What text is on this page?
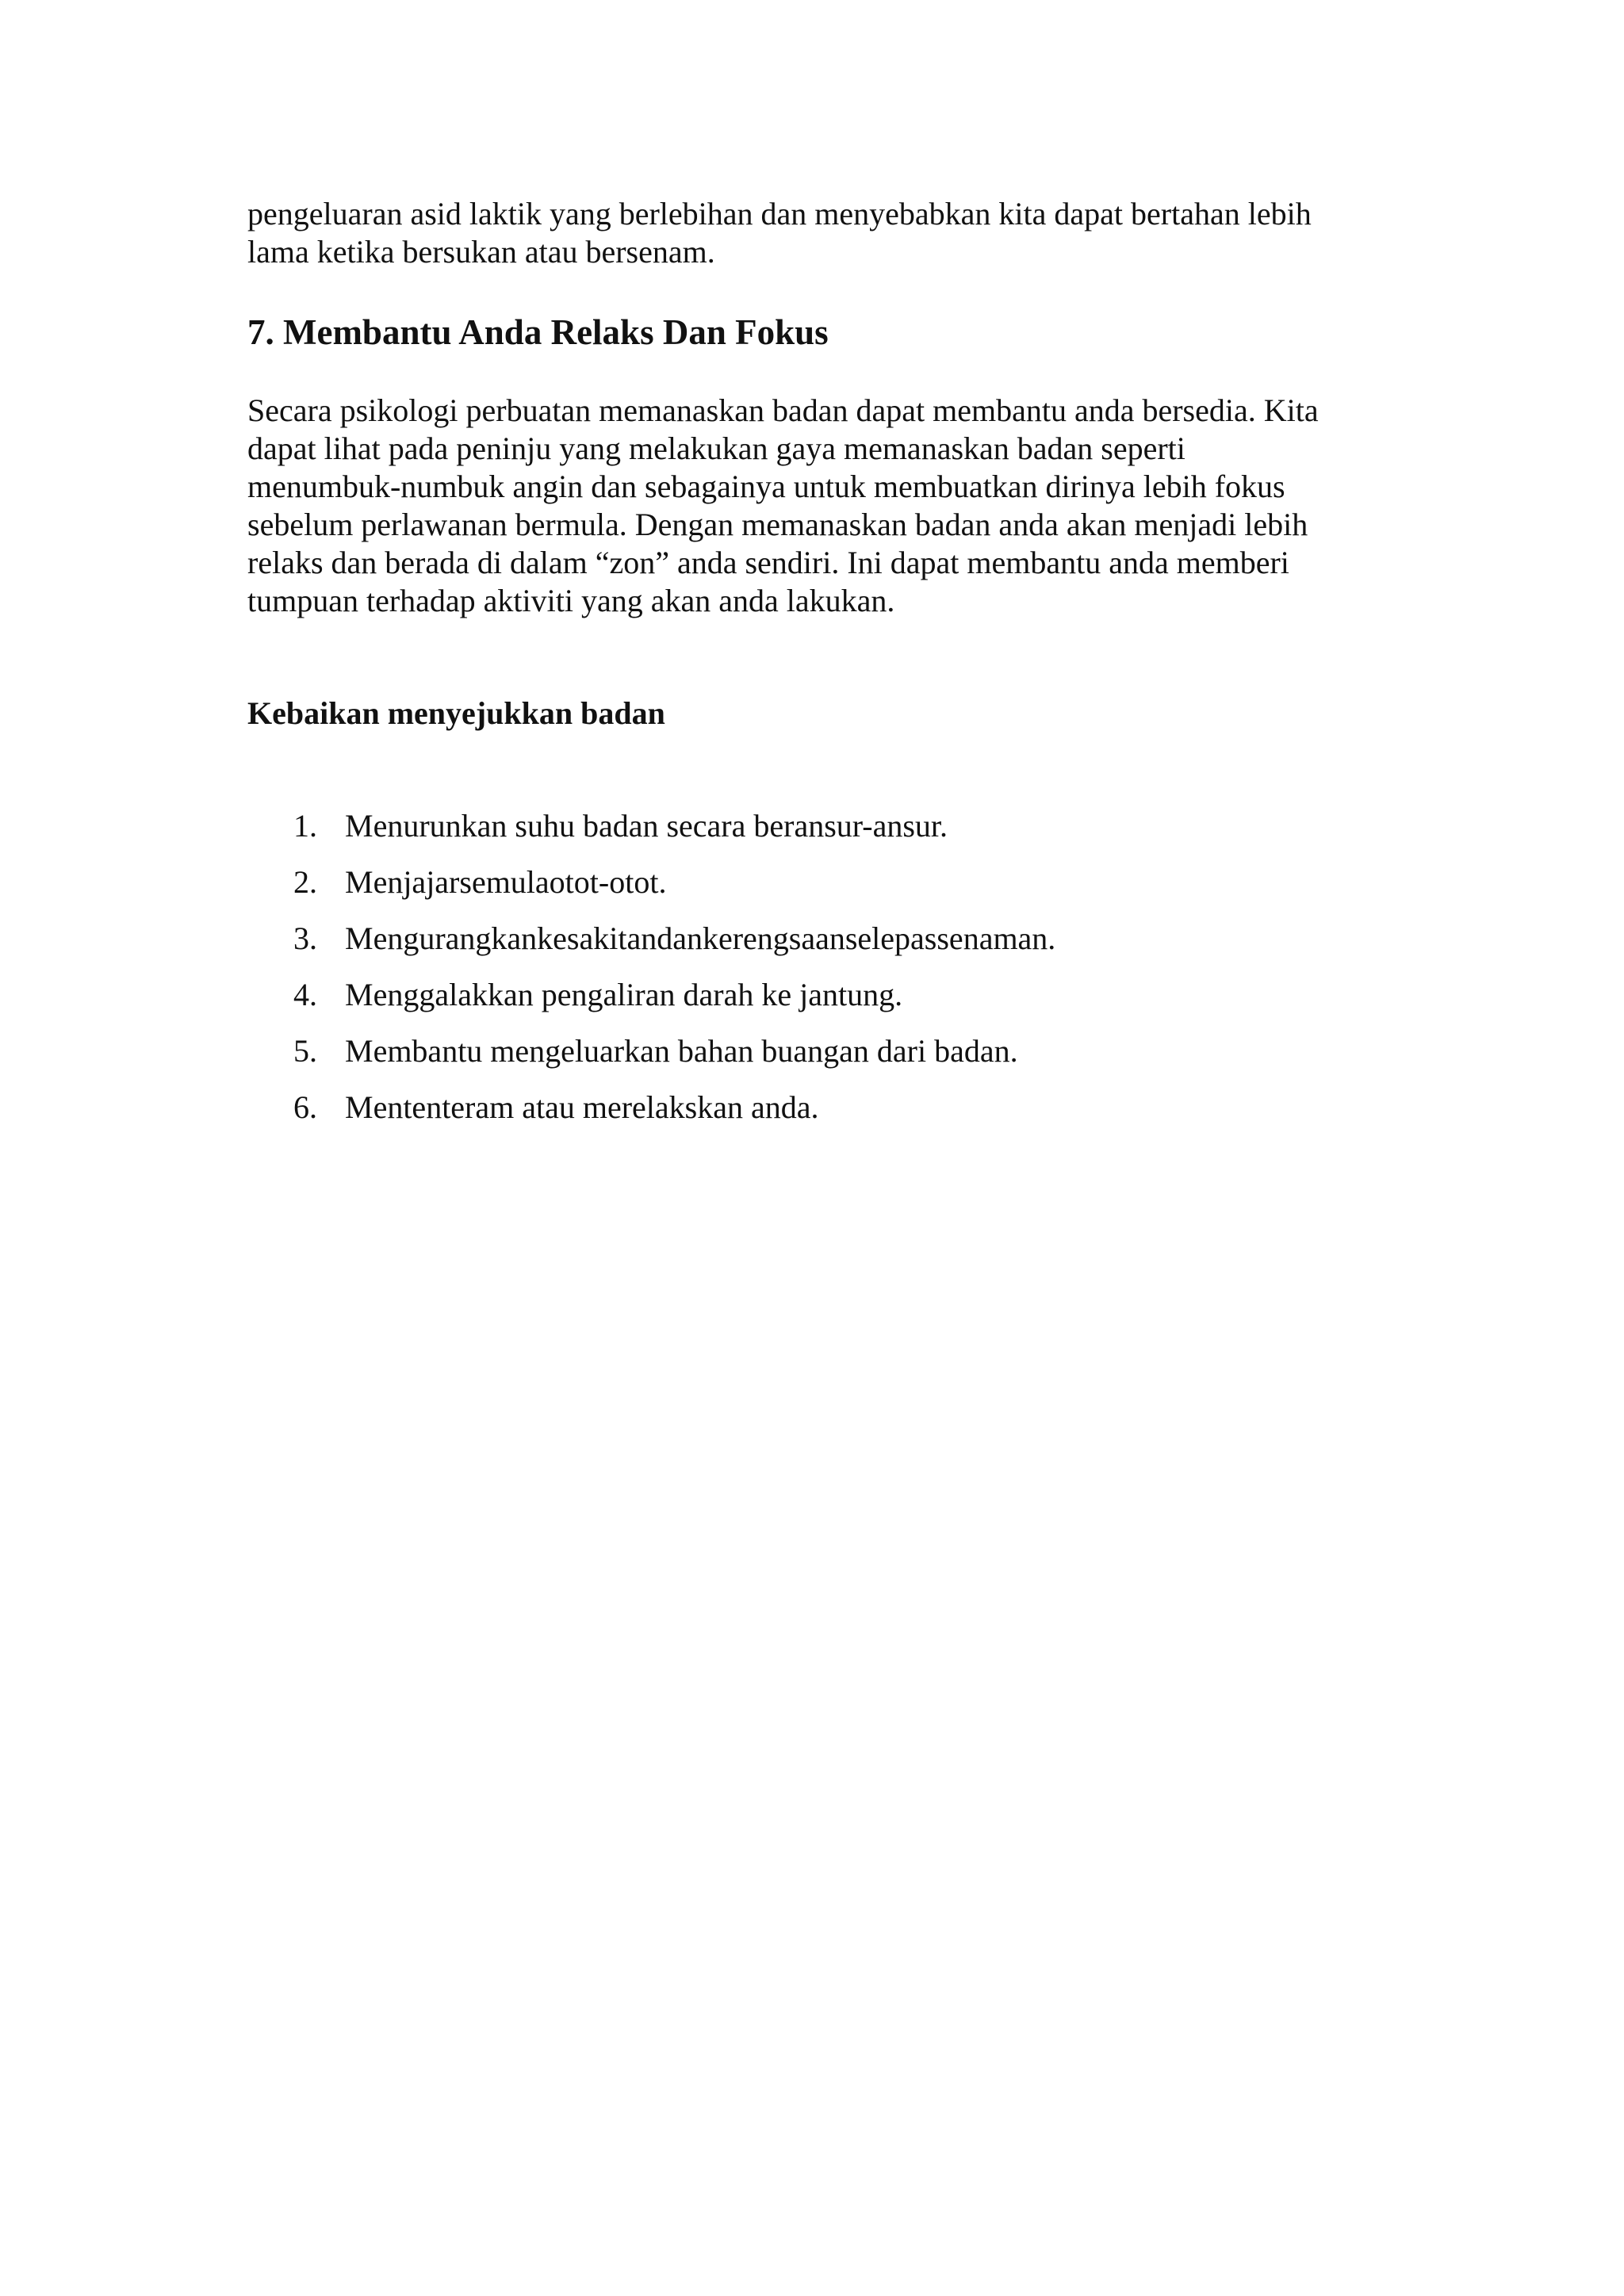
pengeluaran asid laktik yang berlebihan dan menyebabkan kita dapat bertahan lebih
lama ketika bersukan atau bersenam.

7. Membantu Anda Relaks Dan Fokus

Secara psikologi perbuatan memanaskan badan dapat membantu anda bersedia. Kita
dapat lihat pada peninju yang melakukan gaya memanaskan badan seperti
menumbuk-numbuk angin dan sebagainya untuk membuatkan dirinya lebih fokus
sebelum perlawanan bermula. Dengan memanaskan badan anda akan menjadi lebih
relaks dan berada di dalam “zon” anda sendiri. Ini dapat membantu anda memberi
tumpuan terhadap aktiviti yang akan anda lakukan.

Kebaikan menyejukkan badan
1. Menurunkan suhu badan secara beransur-ansur.
2. Menjajarsemulaotot-otot.
3. Mengurangkankesakitandankerengsaanselepassenaman.
4. Menggalakkan pengaliran darah ke jantung.
5. Membantu mengeluarkan bahan buangan dari badan.
6. Mententeram atau merelakskan anda.
